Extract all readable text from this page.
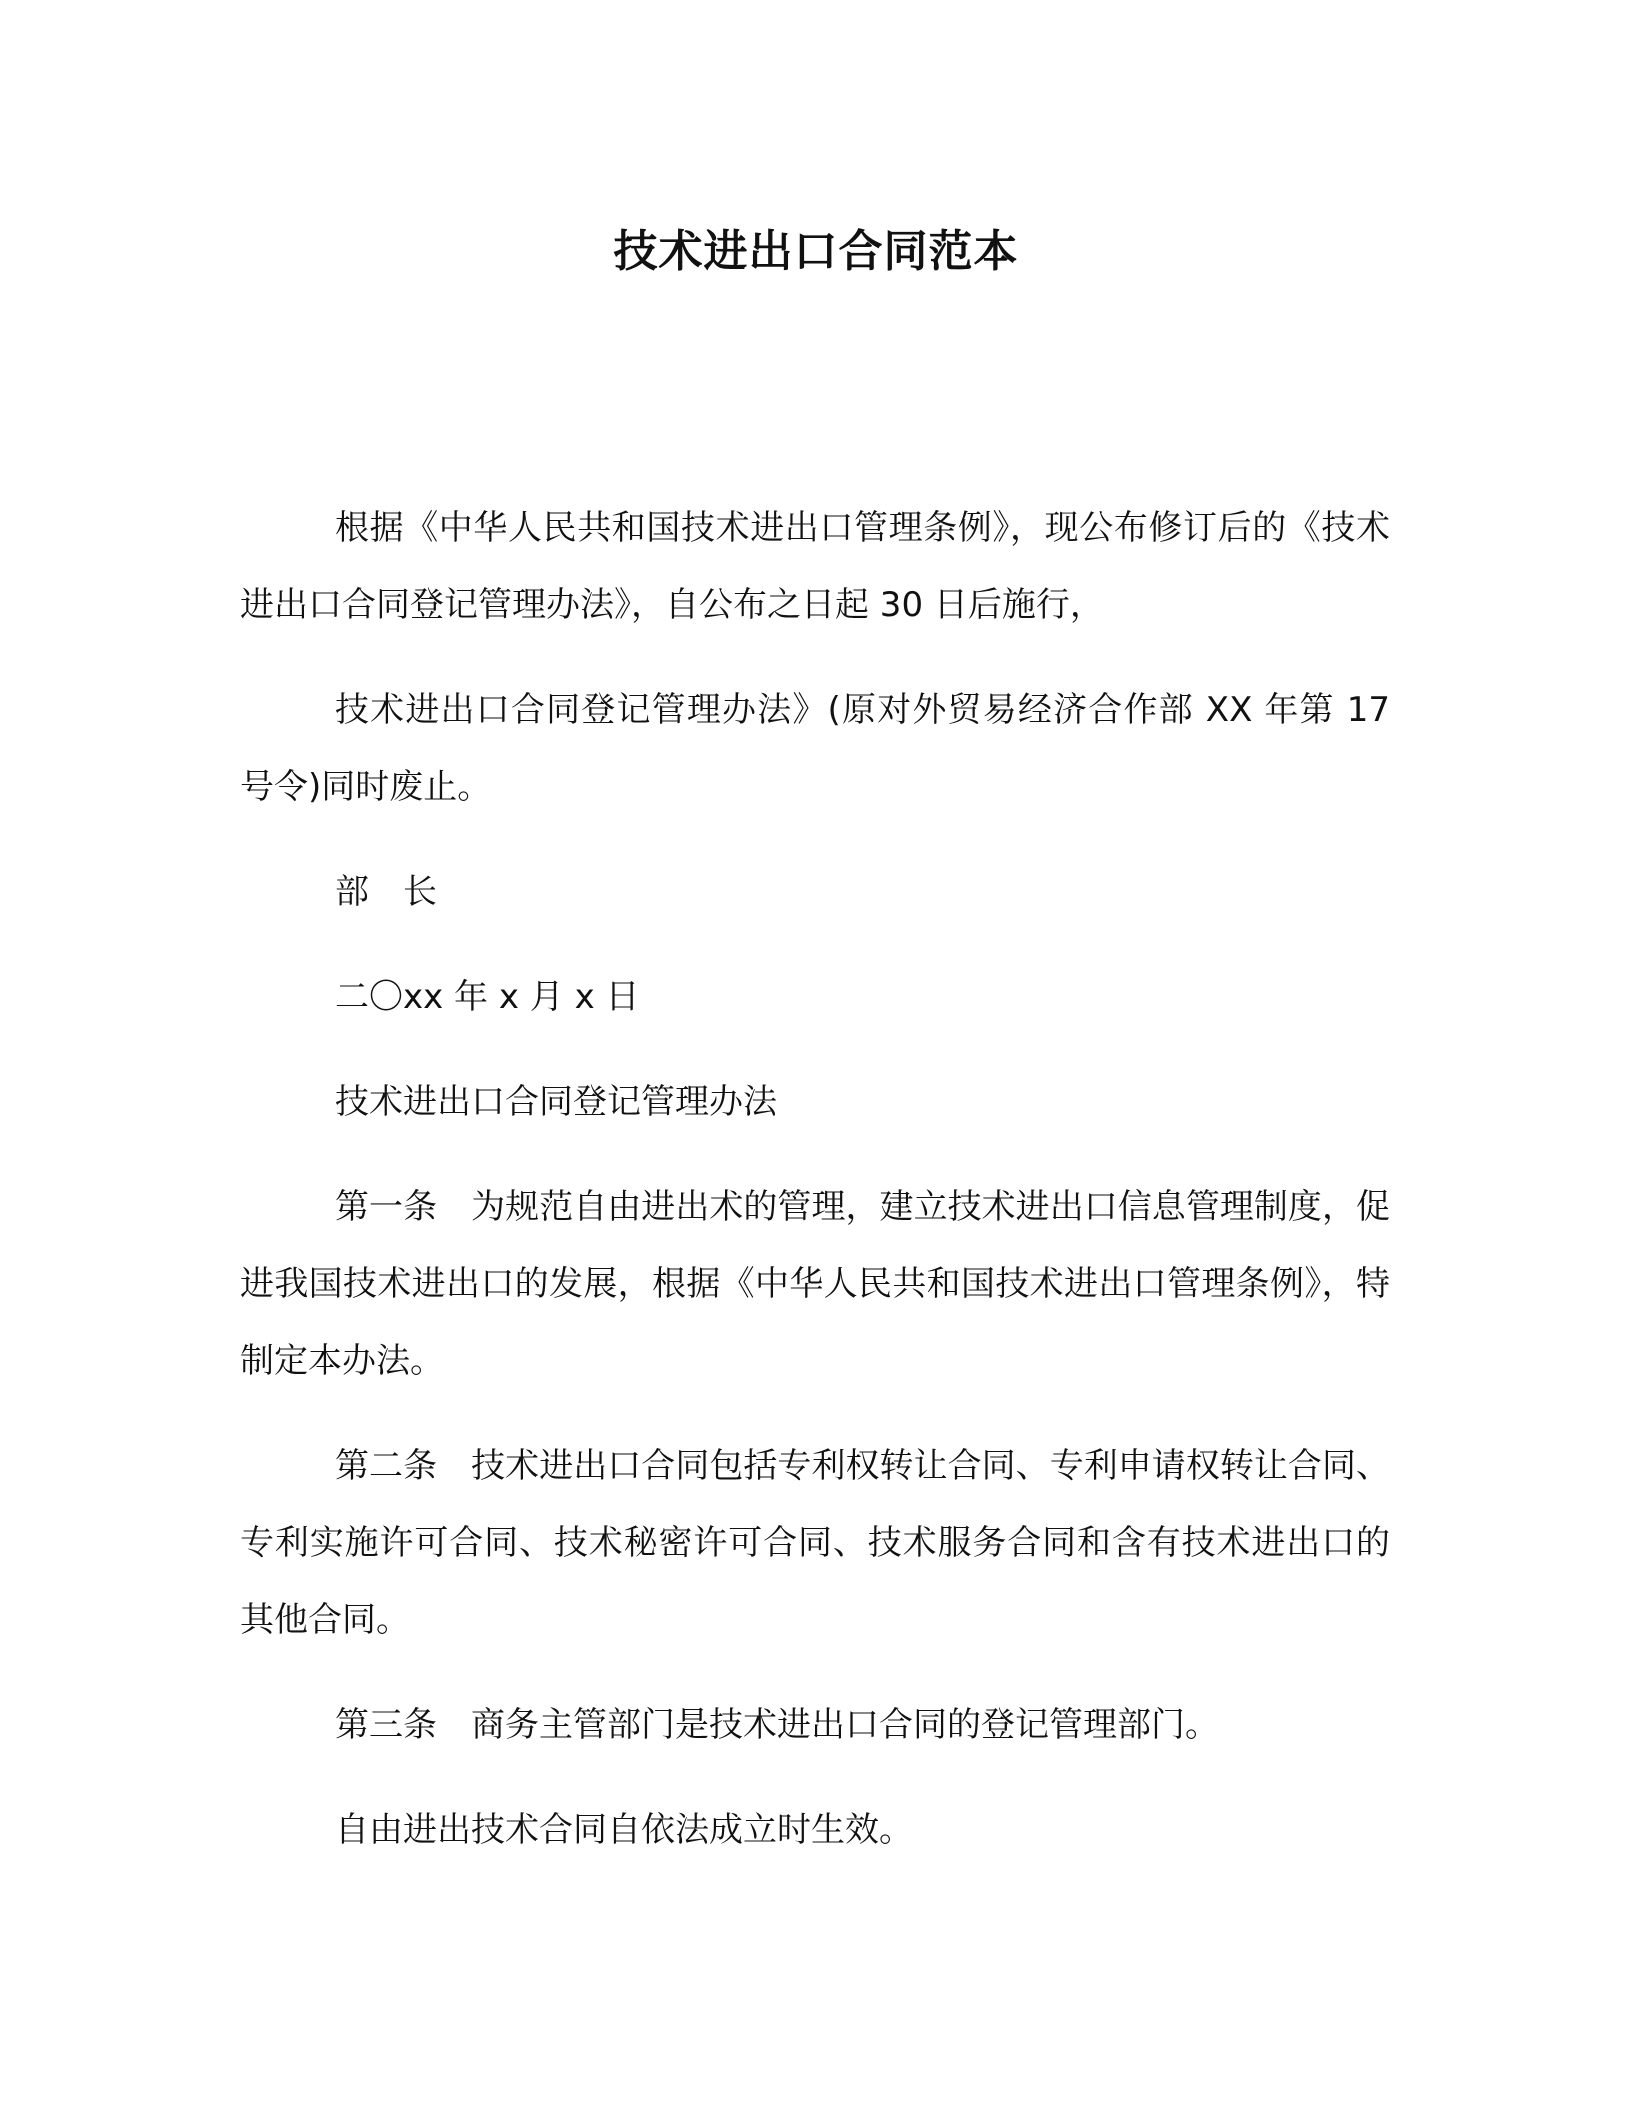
技术进出口合同范本

根据《中华人民共和国技术进出口管理条例》，现公布修订后的《技术进出口合同登记管理办法》，自公布之日起 30 日后施行，

技术进出口合同登记管理办法》(原对外贸易经济合作部 XX 年第 17 号令)同时废止。

部　长

二〇xx 年 x 月 x 日

技术进出口合同登记管理办法

第一条　为规范自由进出术的管理，建立技术进出口信息管理制度，促进我国技术进出口的发展，根据《中华人民共和国技术进出口管理条例》，特制定本办法。

第二条　技术进出口合同包括专利权转让合同、专利申请权转让合同、专利实施许可合同、技术秘密许可合同、技术服务合同和含有技术进出口的其他合同。

第三条　商务主管部门是技术进出口合同的登记管理部门。

自由进出技术合同自依法成立时生效。
